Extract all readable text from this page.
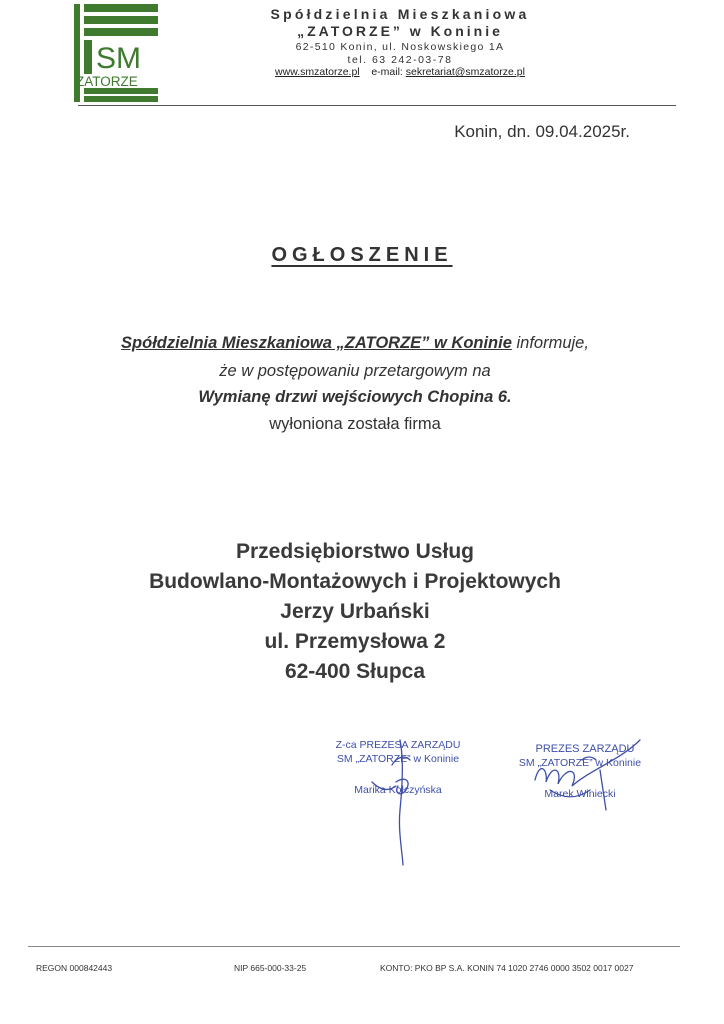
SM
ZATORZE
Spółdzielnia Mieszkaniowa
„ZATORZE” w Koninie
62-510 Konin, ul. Noskowskiego 1A
tel. 63 242-03-78
www.smzatorze.pl e-mail: sekretariat@smzatorze.pl
Konin, dn. 09.04.2025r.
OGŁOSZENIE
Spółdzielnia Mieszkaniowa „ZATORZE” w Koninie informuje,
że w postępowaniu przetargowym na
Wymianę drzwi wejściowych Chopina 6.
wyłoniona została firma
Przedsiębiorstwo Usług
Budowlano-Montażowych i Projektowych
Jerzy Urbański
ul. Przemysłowa 2
62-400 Słupca
Z-ca PREZESA ZARZĄDU
SM „ZATORZE” w Koninie
Marika Kołczyńska
PREZES ZARZĄDU
SM „ZATORZE” w Koninie
Marek Winiecki
REGON 000842443	NIP 665-000-33-25	KONTO: PKO BP S.A. KONIN 74 1020 2746 0000 3502 0017 0027
